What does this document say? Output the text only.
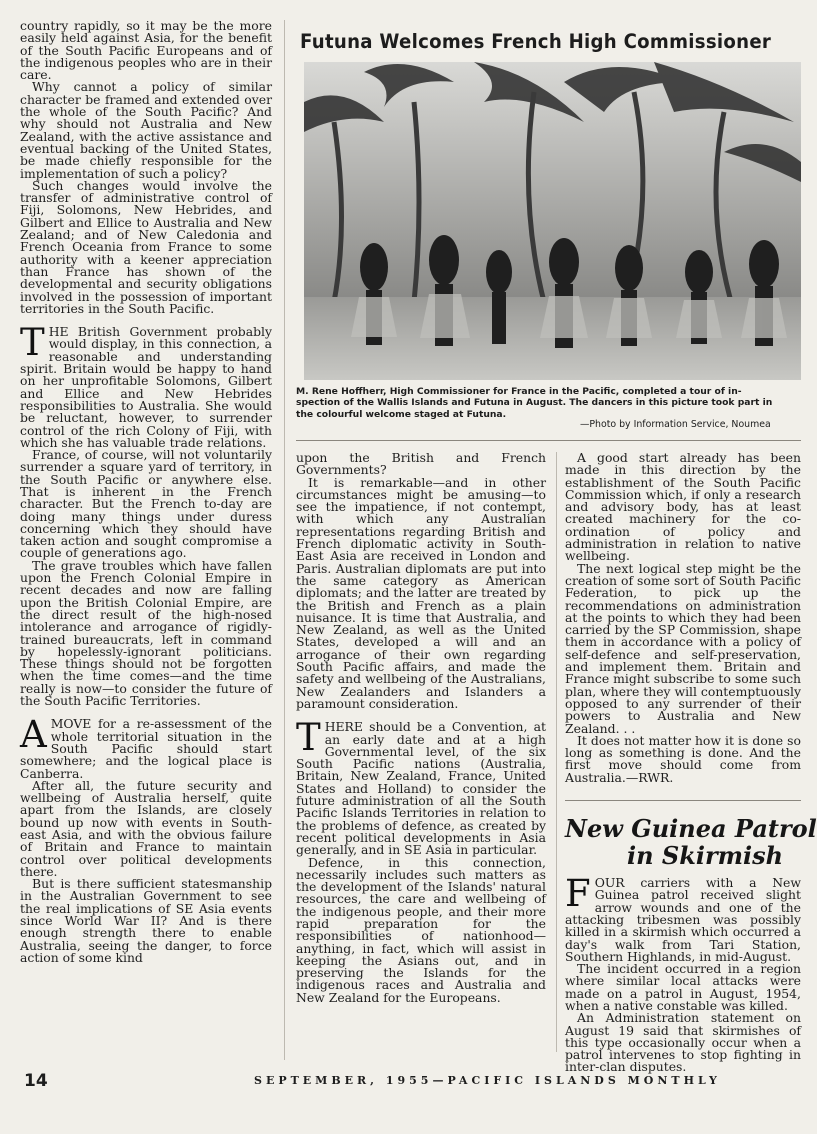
country rapidly, so it may be the more easily held against Asia, for the benefit of the South Pacific Europeans and of the indigenous peoples who are in their care.

Why cannot a policy of similar character be framed and extended over the whole of the South Pacific? And why should not Australia and New Zealand, with the active assistance and eventual backing of the United States, be made chiefly responsible for the implementation of such a policy?

Such changes would involve the transfer of administrative control of Fiji, Solomons, New Hebrides, and Gilbert and Ellice to Australia and New Zealand; and of New Caledonia and French Oceania from France to some authority with a keener appreciation than France has shown of the developmental and security obligations involved in the possession of important territories in the South Pacific.

THE British Government probably would display, in this connection, a reasonable and understanding spirit. Britain would be happy to hand on her unprofitable Solomons, Gilbert and Ellice and New Hebrides responsibilities to Australia. She would be reluctant, however, to surrender control of the rich Colony of Fiji, with which she has valuable trade relations.

France, of course, will not voluntarily surrender a square yard of territory, in the South Pacific or anywhere else. That is inherent in the French character. But the French to-day are doing many things under duress concerning which they should have taken action and sought compromise a couple of generations ago.

The grave troubles which have fallen upon the French Colonial Empire in recent decades and now are falling upon the British Colonial Empire, are the direct result of the high-nosed intolerance and arrogance of rigidly-trained bureaucrats, left in command by hopelessly-ignorant politicians. These things should not be forgotten when the time comes—and the time really is now—to consider the future of the South Pacific Territories.

AMOVE for a re-assessment of the whole territorial situation in the South Pacific should start somewhere; and the logical place is Canberra.

After all, the future security and wellbeing of Australia herself, quite apart from the Islands, are closely bound up now with events in South-east Asia, and with the obvious failure of Britain and France to maintain control over political developments there.

But is there sufficient statesmanship in the Australian Government to see the real implications of SE Asia events since World War II? And is there enough strength there to enable Australia, seeing the danger, to force action of some kind

Futuna Welcomes French High Commissioner

M. Rene Hoffherr, High Commissioner for France in the Pacific, completed a tour of in-
spection of the Wallis Islands and Futuna in August. The dancers in this picture took part in
the colourful welcome staged at Futuna.

—Photo by Information Service, Noumea

upon the British and French Governments?

It is remarkable—and in other circumstances might be amusing—to see the impatience, if not contempt, with which any Australian representations regarding British and French diplomatic activity in South-East Asia are received in London and Paris. Australian diplomats are put into the same category as American diplomats; and the latter are treated by the British and French as a plain nuisance. It is time that Australia, and New Zealand, as well as the United States, developed a will and an arrogance of their own regarding South Pacific affairs, and made the safety and wellbeing of the Australians, New Zealanders and Islanders a paramount consideration.

THERE should be a Convention, at an early date and at a high Governmental level, of the six South Pacific nations (Australia, Britain, New Zealand, France, United States and Holland) to consider the future administration of all the South Pacific Islands Territories in relation to the problems of defence, as created by recent political developments in Asia generally, and in SE Asia in particular.

Defence, in this connection, necessarily includes such matters as the development of the Islands' natural resources, the care and wellbeing of the indigenous people, and their more rapid preparation for the responsibilities of nationhood—anything, in fact, which will assist in keeping the Asians out, and in preserving the Islands for the indigenous races and Australia and New Zealand for the Europeans.

A good start already has been made in this direction by the establishment of the South Pacific Commission which, if only a research and advisory body, has at least created machinery for the co-ordination of policy and administration in relation to native wellbeing.

The next logical step might be the creation of some sort of South Pacific Federation, to pick up the recommendations on administration at the points to which they had been carried by the SP Commission, shape them in accordance with a policy of self-defence and self-preservation, and implement them. Britain and France might subscribe to some such plan, where they will contemptuously opposed to any surrender of their powers to Australia and New Zealand. . .

It does not matter how it is done so long as something is done. And the first move should come from Australia.—RWR.

New Guinea Patrol
in Skirmish

FOUR carriers with a New Guinea patrol received slight arrow wounds and one of the attacking tribesmen was possibly killed in a skirmish which occurred a day's walk from Tari Station, Southern Highlands, in mid-August.

The incident occurred in a region where similar local attacks were made on a patrol in August, 1954, when a native constable was killed.

An Administration statement on August 19 said that skirmishes of this type occasionally occur when a patrol intervenes to stop fighting in inter-clan disputes.

14	SEPTEMBER, 1955—PACIFIC ISLANDS MONTHLY
